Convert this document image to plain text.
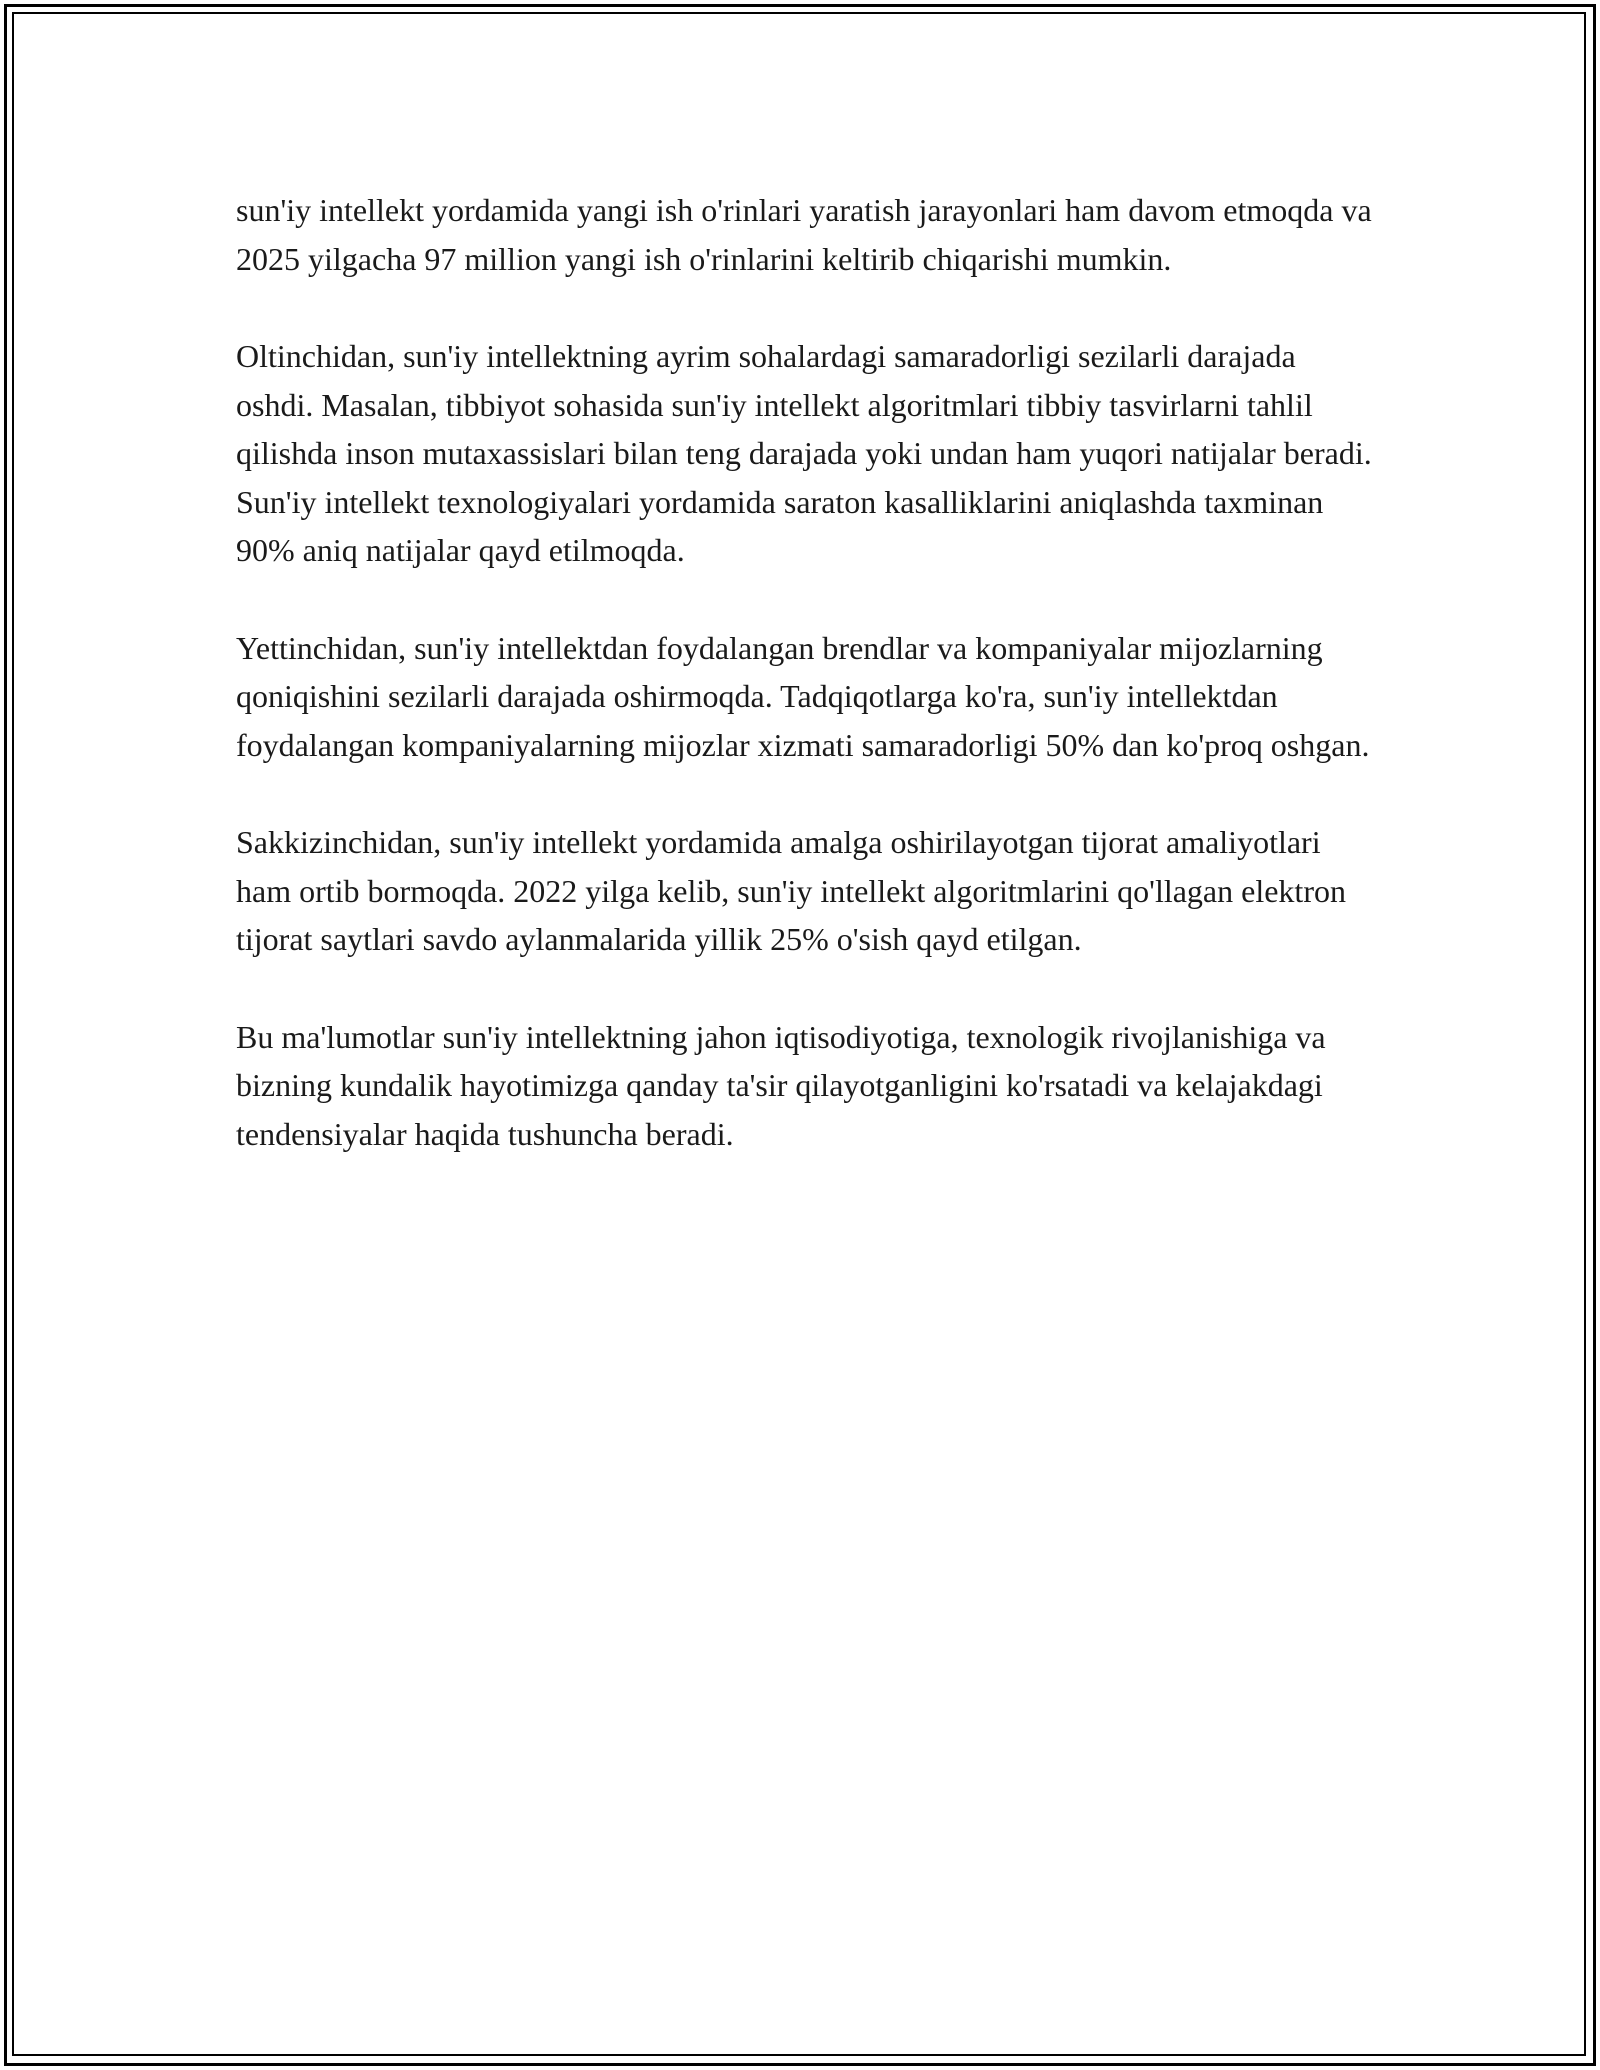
sun'iy intellekt yordamida yangi ish o'rinlari yaratish jarayonlari ham davom etmoqda va 2025 yilgacha 97 million yangi ish o'rinlarini keltirib chiqarishi mumkin.

Oltinchidan, sun'iy intellektning ayrim sohalardagi samaradorligi sezilarli darajada oshdi. Masalan, tibbiyot sohasida sun'iy intellekt algoritmlari tibbiy tasvirlarni tahlil qilishda inson mutaxassislari bilan teng darajada yoki undan ham yuqori natijalar beradi. Sun'iy intellekt texnologiyalari yordamida saraton kasalliklarini aniqlashda taxminan 90% aniq natijalar qayd etilmoqda.

Yettinchidan, sun'iy intellektdan foydalangan brendlar va kompaniyalar mijozlarning qoniqishini sezilarli darajada oshirmoqda. Tadqiqotlarga ko'ra, sun'iy intellektdan foydalangan kompaniyalarning mijozlar xizmati samaradorligi 50% dan ko'proq oshgan.

Sakkizinchidan, sun'iy intellekt yordamida amalga oshirilayotgan tijorat amaliyotlari ham ortib bormoqda. 2022 yilga kelib, sun'iy intellekt algoritmlarini qo'llagan elektron tijorat saytlari savdo aylanmalarida yillik 25% o'sish qayd etilgan.

Bu ma'lumotlar sun'iy intellektning jahon iqtisodiyotiga, texnologik rivojlanishiga va bizning kundalik hayotimizga qanday ta'sir qilayotganligini ko'rsatadi va kelajakdagi tendensiyalar haqida tushuncha beradi.
